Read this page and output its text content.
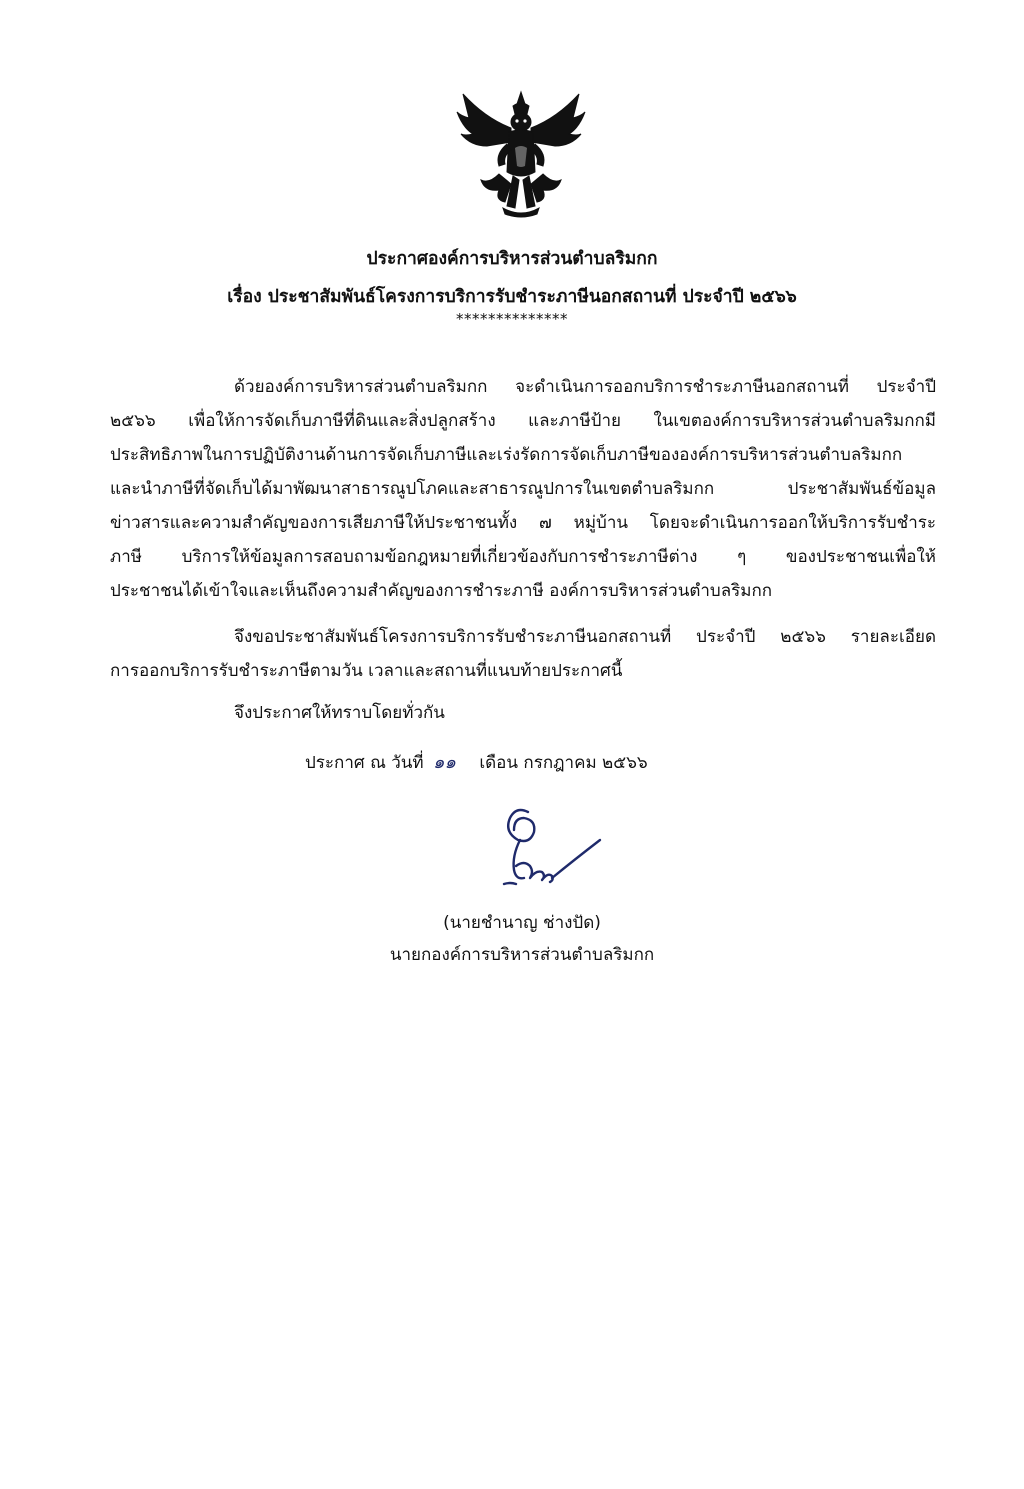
ประกาศองค์การบริหารส่วนตำบลริมกก
เรื่อง ประชาสัมพันธ์โครงการบริการรับชำระภาษีนอกสถานที่ ประจำปี ๒๕๖๖
**************
ด้วยองค์การบริหารส่วนตำบลริมกก จะดำเนินการออกบริการชำระภาษีนอกสถานที่ ประจำปี
๒๕๖๖ เพื่อให้การจัดเก็บภาษีที่ดินและสิ่งปลูกสร้าง และภาษีป้าย ในเขตองค์การบริหารส่วนตำบลริมกกมี
ประสิทธิภาพในการปฏิบัติงานด้านการจัดเก็บภาษีและเร่งรัดการจัดเก็บภาษีขององค์การบริหารส่วนตำบลริมกก
และนำภาษีที่จัดเก็บได้มาพัฒนาสาธารณูปโภคและสาธารณูปการในเขตตำบลริมกก ประชาสัมพันธ์ข้อมูล
ข่าวสารและความสำคัญของการเสียภาษีให้ประชาชนทั้ง ๗ หมู่บ้าน โดยจะดำเนินการออกให้บริการรับชำระ
ภาษี บริการให้ข้อมูลการสอบถามข้อกฎหมายที่เกี่ยวข้องกับการชำระภาษีต่าง ๆ ของประชาชนเพื่อให้
ประชาชนได้เข้าใจและเห็นถึงความสำคัญของการชำระภาษี องค์การบริหารส่วนตำบลริมกก
จึงขอประชาสัมพันธ์โครงการบริการรับชำระภาษีนอกสถานที่ ประจำปี ๒๕๖๖ รายละเอียด
การออกบริการรับชำระภาษีตามวัน เวลาและสถานที่แนบท้ายประกาศนี้
จึงประกาศให้ทราบโดยทั่วกัน
ประกาศ ณ วันที่ ๑๑ เดือน กรกฎาคม ๒๕๖๖
(นายชำนาญ ช่างปัด)
นายกองค์การบริหารส่วนตำบลริมกก
